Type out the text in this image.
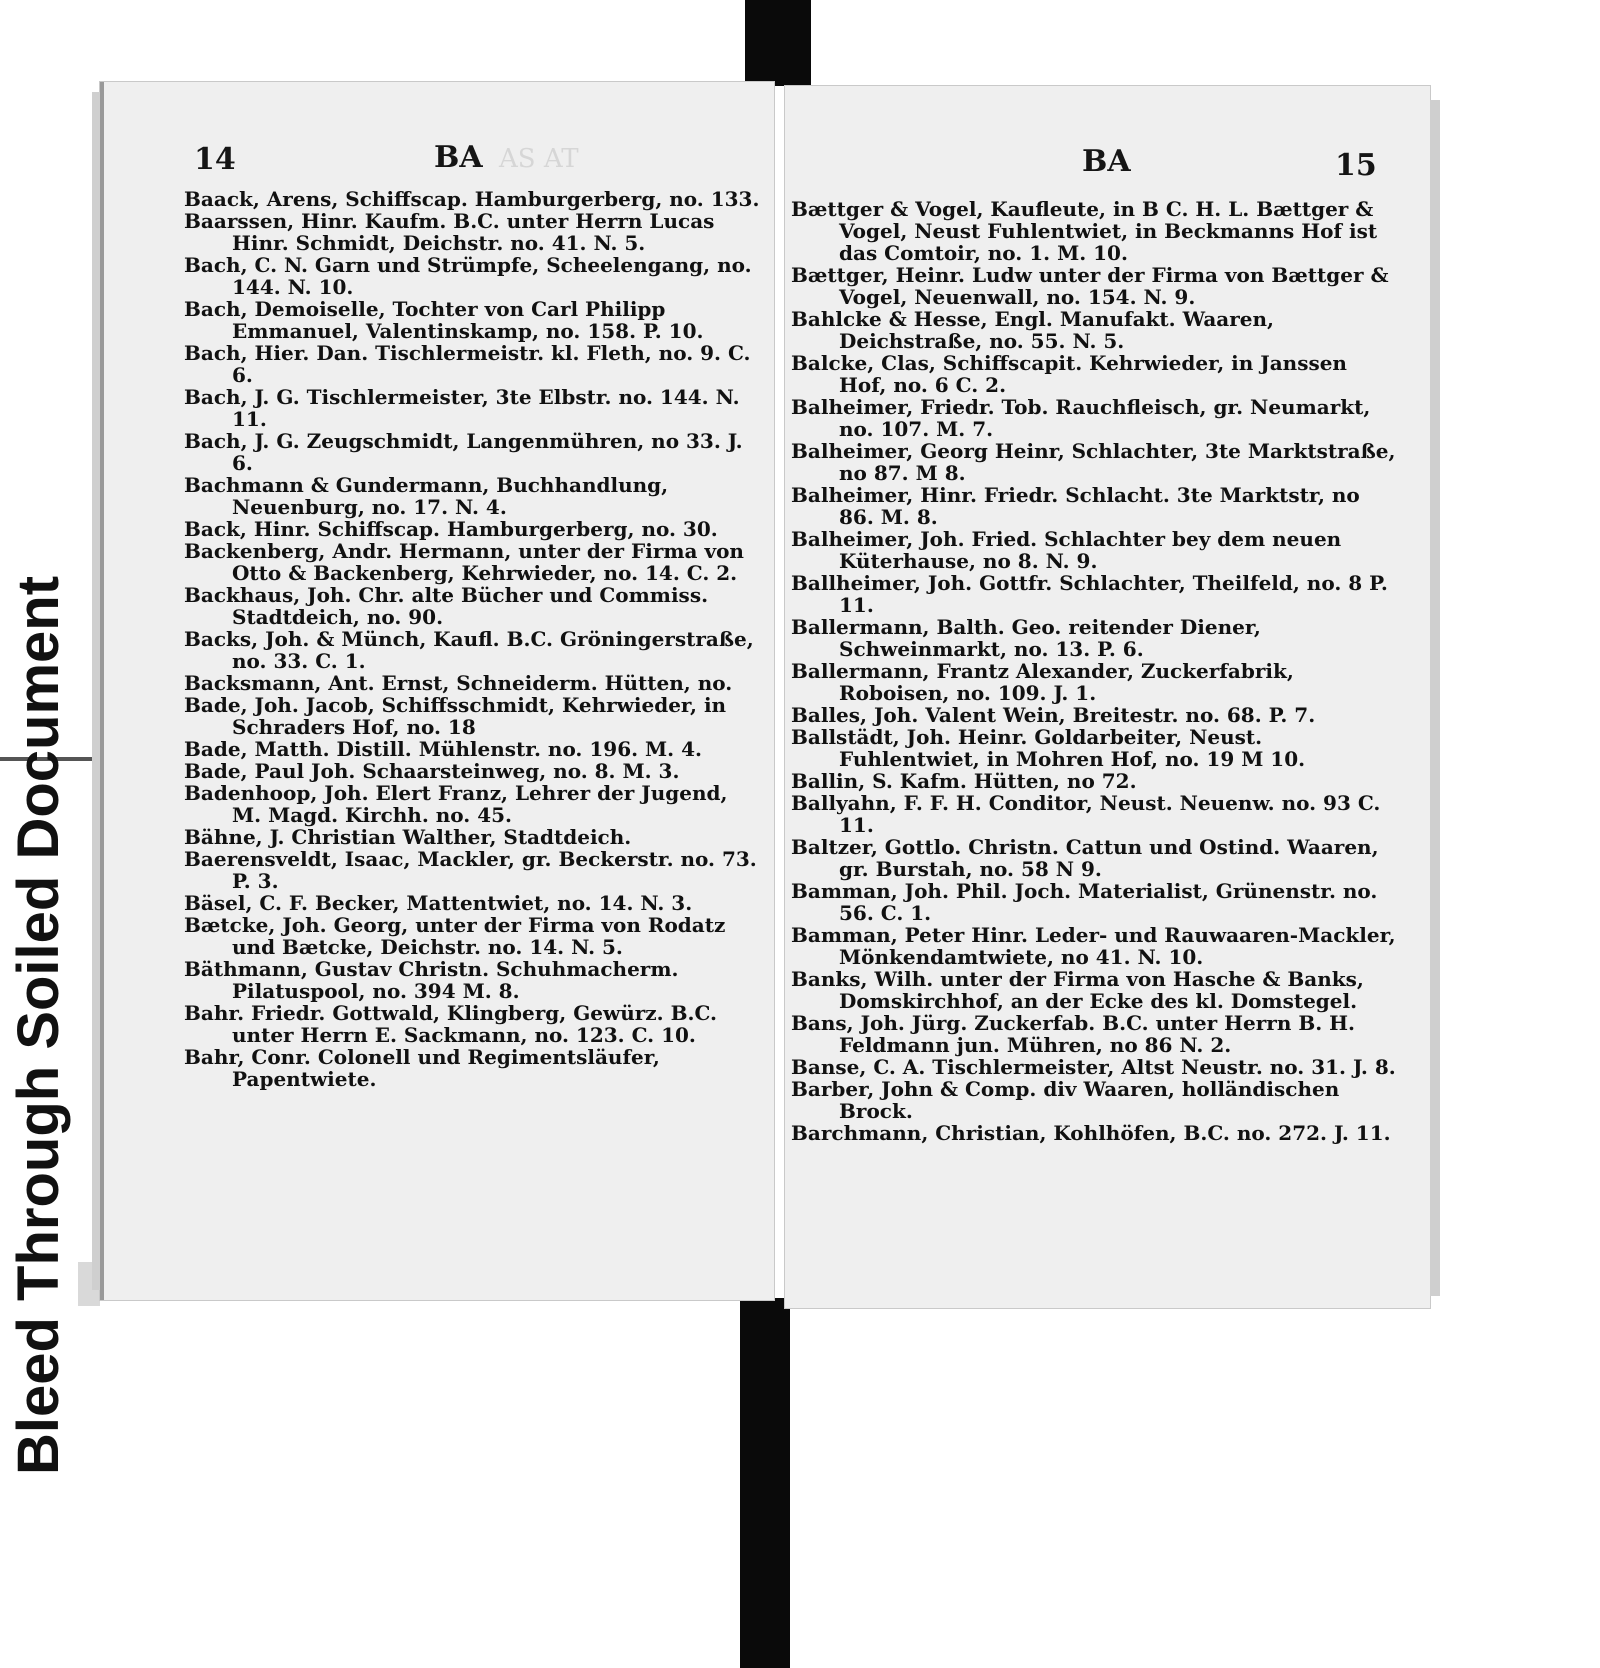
Bleed Through Soiled Document
14	BA AS AT
Baack, Arens, Schiffscap. Hamburgerberg, no. 133.
Baarssen, Hinr. Kaufm. B.C. unter Herrn Lucas Hinr. Schmidt, Deichstr. no. 41. N. 5.
Bach, C. N. Garn und Strümpfe, Scheelengang, no. 144. N. 10.
Bach, Demoiselle, Tochter von Carl Philipp Emmanuel, Valentinskamp, no. 158. P. 10.
Bach, Hier. Dan. Tischlermeistr. kl. Fleth, no. 9. C. 6.
Bach, J. G. Tischlermeister, 3te Elbstr. no. 144. N. 11.
Bach, J. G. Zeugschmidt, Langenmühren, no 33. J. 6.
Bachmann & Gundermann, Buchhandlung, Neuenburg, no. 17. N. 4.
Back, Hinr. Schiffscap. Hamburgerberg, no. 30.
Backenberg, Andr. Hermann, unter der Firma von Otto & Backenberg, Kehrwieder, no. 14. C. 2.
Backhaus, Joh. Chr. alte Bücher und Commiss. Stadtdeich, no. 90.
Backs, Joh. & Münch, Kaufl. B.C. Gröningerstraße, no. 33. C. 1.
Backsmann, Ant. Ernst, Schneiderm. Hütten, no.
Bade, Joh. Jacob, Schiffsschmidt, Kehrwieder, in Schraders Hof, no. 18
Bade, Matth. Distill. Mühlenstr. no. 196. M. 4.
Bade, Paul Joh. Schaarsteinweg, no. 8. M. 3.
Badenhoop, Joh. Elert Franz, Lehrer der Jugend, M. Magd. Kirchh. no. 45.
Bähne, J. Christian Walther, Stadtdeich.
Baerensveldt, Isaac, Mackler, gr. Beckerstr. no. 73. P. 3.
Bäsel, C. F. Becker, Mattentwiet, no. 14. N. 3.
Bætcke, Joh. Georg, unter der Firma von Rodatz und Bætcke, Deichstr. no. 14. N. 5.
Bäthmann, Gustav Christn. Schuhmacherm. Pilatuspool, no. 394 M. 8.
Bahr. Friedr. Gottwald, Klingberg, Gewürz. B.C. unter Herrn E. Sackmann, no. 123. C. 10.
Bahr, Conr. Colonell und Regimentsläufer, Papentwiete.
BA	15
Bættger & Vogel, Kaufleute, in B C. H. L. Bættger & Vogel, Neust Fuhlentwiet, in Beckmanns Hof ist das Comtoir, no. 1. M. 10.
Bættger, Heinr. Ludw unter der Firma von Bættger & Vogel, Neuenwall, no. 154. N. 9.
Bahlcke & Hesse, Engl. Manufakt. Waaren, Deichstraße, no. 55. N. 5.
Balcke, Clas, Schiffscapit. Kehrwieder, in Janssen Hof, no. 6 C. 2.
Balheimer, Friedr. Tob. Rauchfleisch, gr. Neumarkt, no. 107. M. 7.
Balheimer, Georg Heinr, Schlachter, 3te Marktstraße, no 87. M 8.
Balheimer, Hinr. Friedr. Schlacht. 3te Marktstr, no 86. M. 8.
Balheimer, Joh. Fried. Schlachter bey dem neuen Küterhause, no 8. N. 9.
Ballheimer, Joh. Gottfr. Schlachter, Theilfeld, no. 8 P. 11.
Ballermann, Balth. Geo. reitender Diener, Schweinmarkt, no. 13. P. 6.
Ballermann, Frantz Alexander, Zuckerfabrik, Roboisen, no. 109. J. 1.
Balles, Joh. Valent Wein, Breitestr. no. 68. P. 7.
Ballstädt, Joh. Heinr. Goldarbeiter, Neust. Fuhlentwiet, in Mohren Hof, no. 19 M 10.
Ballin, S. Kafm. Hütten, no 72.
Ballyahn, F. F. H. Conditor, Neust. Neuenw. no. 93 C. 11.
Baltzer, Gottlo. Christn. Cattun und Ostind. Waaren, gr. Burstah, no. 58 N 9.
Bamman, Joh. Phil. Joch. Materialist, Grünenstr. no. 56. C. 1.
Bamman, Peter Hinr. Leder- und Rauwaaren-Mackler, Mönkendamtwiete, no 41. N. 10.
Banks, Wilh. unter der Firma von Hasche & Banks, Domskirchhof, an der Ecke des kl. Domstegel.
Bans, Joh. Jürg. Zuckerfab. B.C. unter Herrn B. H. Feldmann jun. Mühren, no 86 N. 2.
Banse, C. A. Tischlermeister, Altst Neustr. no. 31. J. 8.
Barber, John & Comp. div Waaren, holländischen Brock.
Barchmann, Christian, Kohlhöfen, B.C. no. 272. J. 11.
